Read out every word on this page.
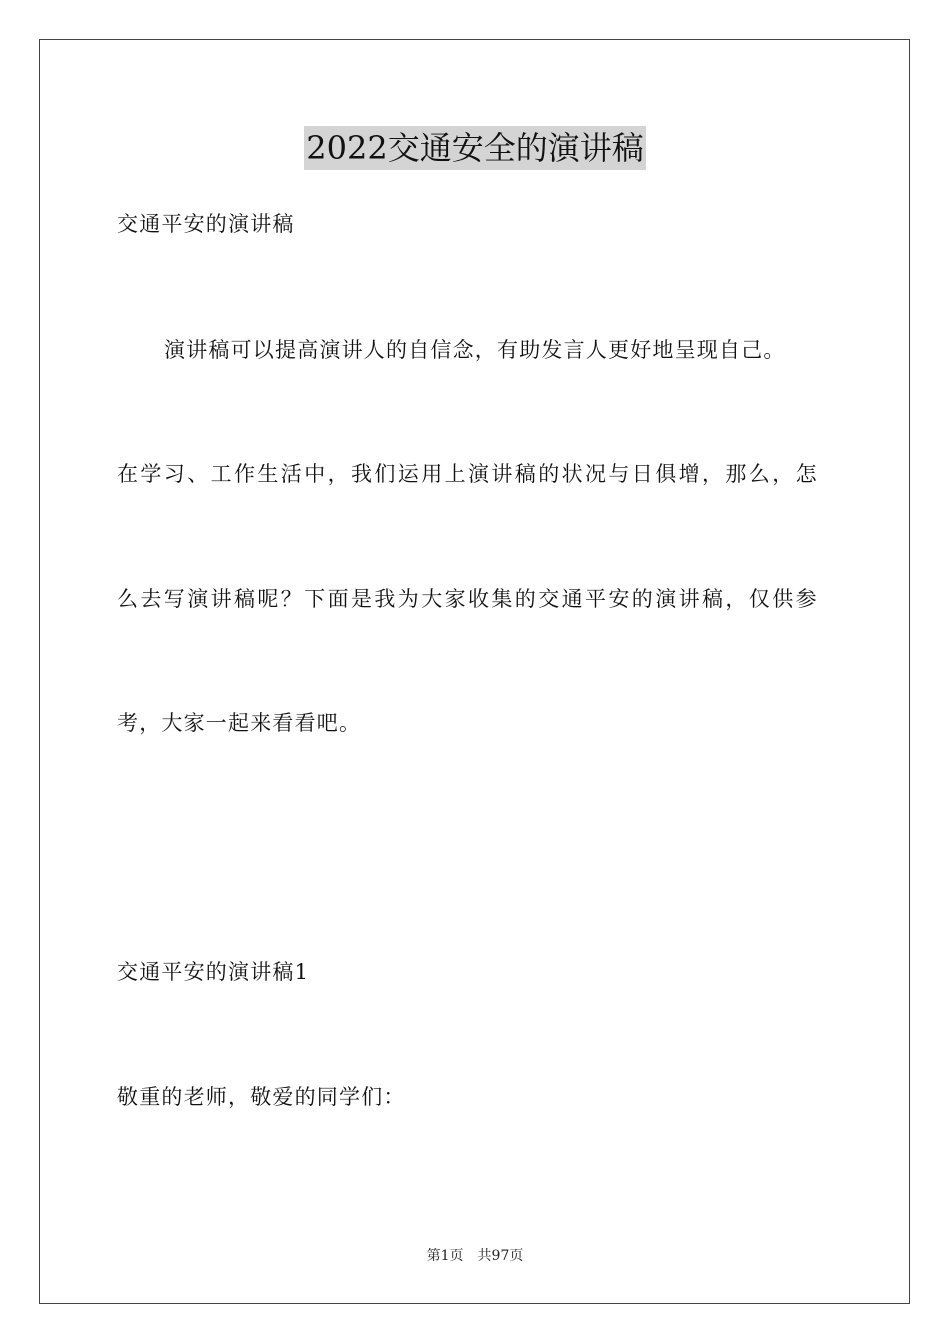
2022交通安全的演讲稿
交通平安的演讲稿
演讲稿可以提高演讲人的自信念，有助发言人更好地呈现自己。
在学习、工作生活中，我们运用上演讲稿的状况与日俱增，那么，怎
么去写演讲稿呢？下面是我为大家收集的交通平安的演讲稿，仅供参
考，大家一起来看看吧。
交通平安的演讲稿1
敬重的老师，敬爱的同学们：
第1页 共97页
